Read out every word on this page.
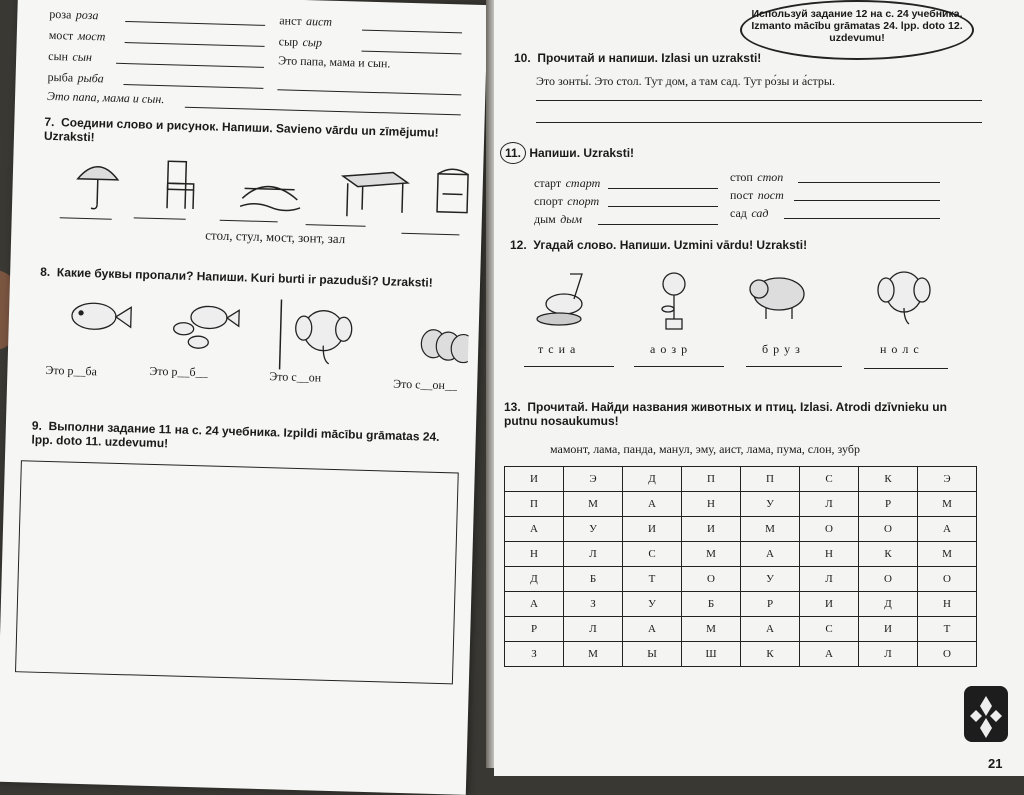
роза роза
мост мост
сын сын
рыба рыба
анст аист
сыр сыр
Это папа, мама и сын.
Это папа, мама и сын.
7. Соедини слово и рисунок. Напиши. Savieno vārdu un zīmējumu! Uzraksti!
стол, стул, мост, зонт, зал
8. Какие буквы пропали? Напиши. Kuri burti ir pazuduši? Uzraksti!
Это р__ба	Это р__б__	Это с__он	Это с__он__
9. Выполни задание 11 на с. 24 учебника. Izpildi mācību grāmatas 24. lpp. doto 11. uzdevumu!
Используй задание 12 на с. 24 учебника. Izmanto mācību grāmatas 24. lpp. doto 12. uzdevumu!
10. Прочитай и напиши. Izlasi un uzraksti!
Это зонты́. Это стол. Тут дом, а там сад. Тут ро́зы и а́стры.
11. Напиши. Uzraksti!
старт старт	стоп стоп
спорт спорт	пост пост
дым дым	сад сад
12. Угадай слово. Напиши. Uzmini vārdu! Uzraksti!
т с и а	а о з р	б р у з	н о л с
13. Прочитай. Найди названия животных и птиц. Izlasi. Atrodi dzīvnieku un putnu nosaukumus!
мамонт, лама, панда, манул, эму, аист, лама, пума, слон, зубр
И	Э	Д	П	П	С	К	Э
П	М	А	Н	У	Л	Р	М
А	У	И	И	М	О	О	А
Н	Л	С	М	А	Н	К	М
Д	Б	Т	О	У	Л	О	О
А	З	У	Б	Р	И	Д	Н
Р	Л	А	М	А	С	И	Т
З	М	Ы	Ш	К	А	Л	О
21
